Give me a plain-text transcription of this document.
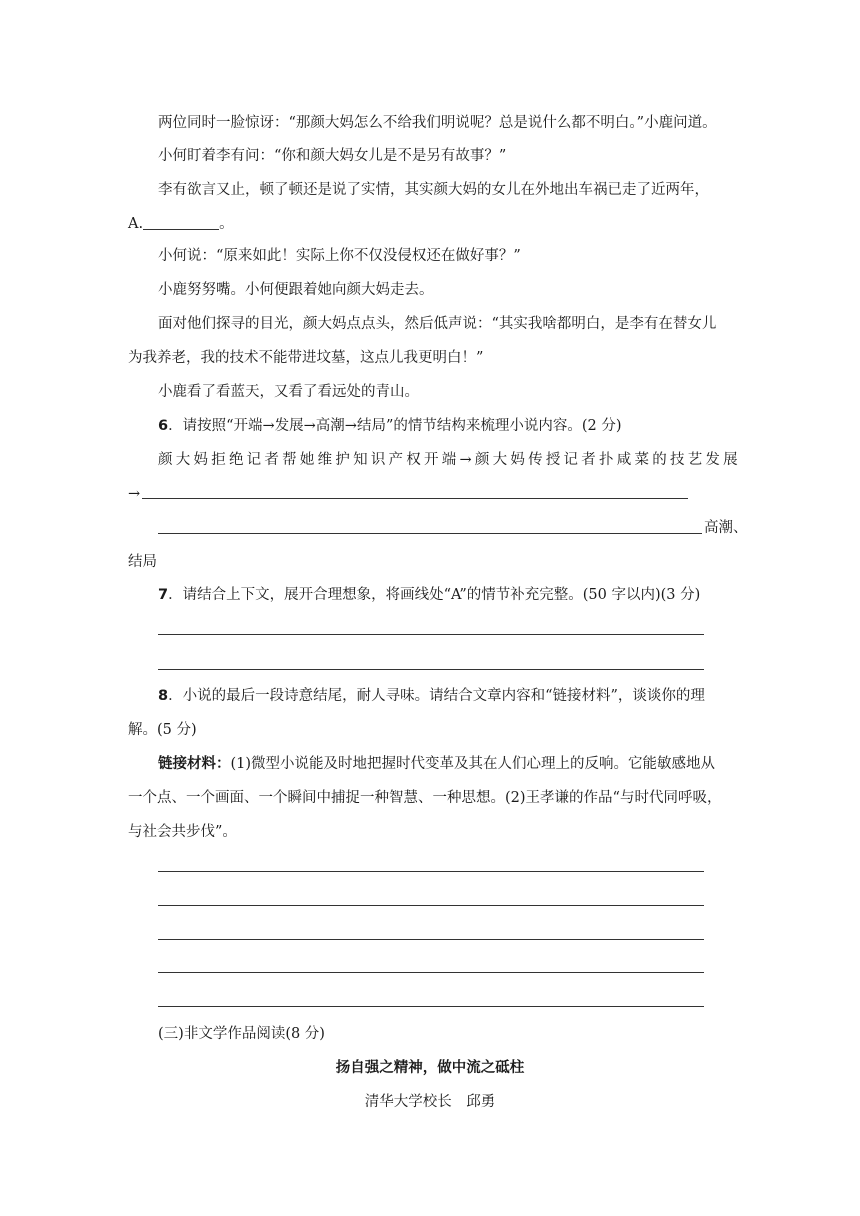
两位同时一脸惊讶：“那颜大妈怎么不给我们明说呢？总是说什么都不明白。”小鹿问道。
小何盯着李有问：“你和颜大妈女儿是不是另有故事？”
李有欲言又止，顿了顿还是说了实情，其实颜大妈的女儿在外地出车祸已走了近两年，
A.	。
小何说：“原来如此！实际上你不仅没侵权还在做好事？”
小鹿努努嘴。小何便跟着她向颜大妈走去。
面对他们探寻的目光，颜大妈点点头，然后低声说：“其实我啥都明白，是李有在替女儿
为我养老，我的技术不能带进坟墓，这点儿我更明白！”
小鹿看了看蓝天，又看了看远处的青山。
6．请按照“开端→发展→高潮→结局”的情节结构来梳理小说内容。(2 分)
颜 大 妈 拒 绝 记 者 帮 她 维 护 知 识 产 权 开 端 → 颜 大 妈 传 授 记 者 扑 咸 菜 的 技 艺 发 展
→
高潮、
结局
7．请结合上下文，展开合理想象，将画线处“A”的情节补充完整。(50 字以内)(3 分)
8．小说的最后一段诗意结尾，耐人寻味。请结合文章内容和“链接材料”，谈谈你的理
解。(5 分)
链接材料：(1)微型小说能及时地把握时代变革及其在人们心理上的反响。它能敏感地从
一个点、一个画面、一个瞬间中捕捉一种智慧、一种思想。(2)王孝谦的作品“与时代同呼吸，
与社会共步伐”。
(三)非文学作品阅读(8 分)
扬自强之精神，做中流之砥柱
清华大学校长　邱勇
